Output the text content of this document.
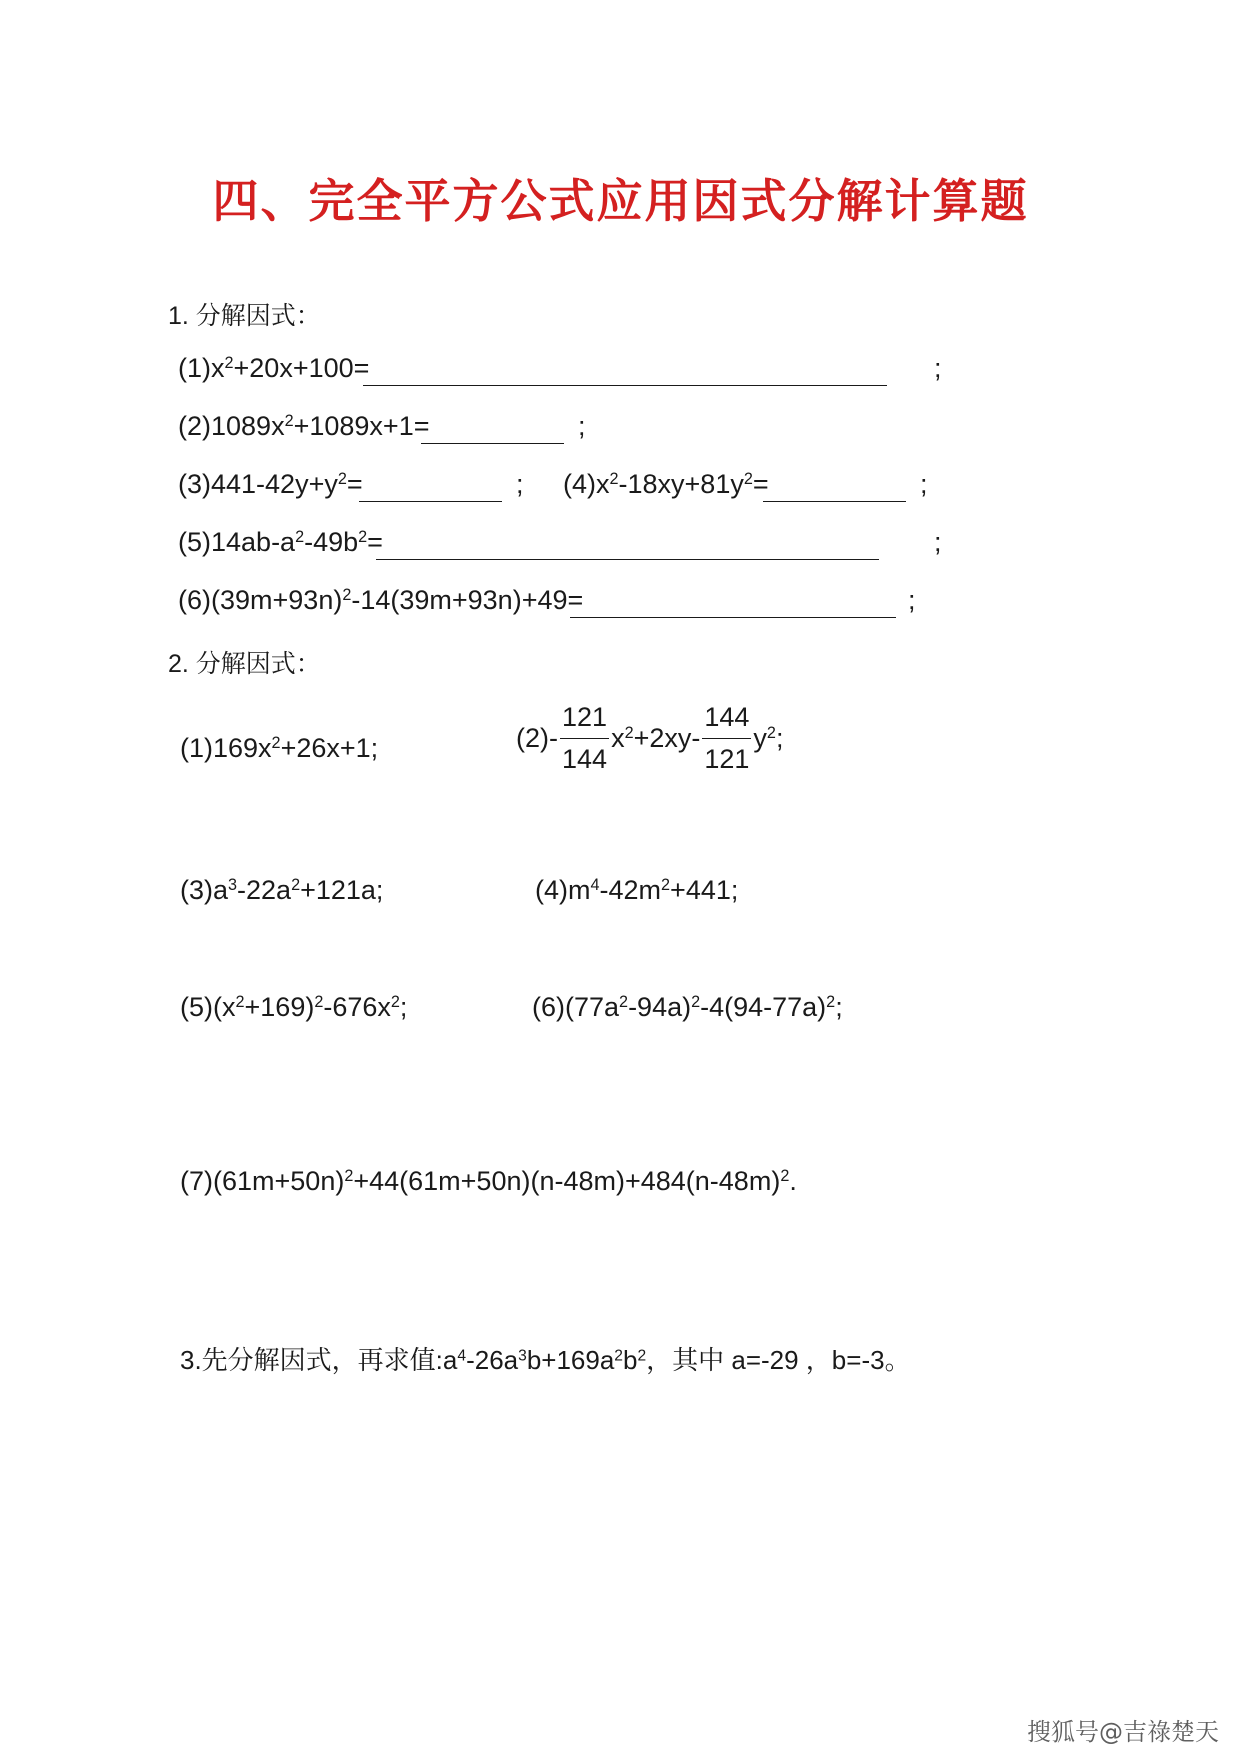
四、完全平方公式应用因式分解计算题
1. 分解因式：
$(1)x^2+20x+100=$	;
$(2)1089x^2+1089x+1=$	;
$(3)441-42y+y^2=$	; $(4)x^2-18xy+81y^2=$	;
$(5)14ab-a^2-49b^2=$	;
$(6)(39m+93n)^2-14(39m+93n)+49=$	;
2. 分解因式：
$(1)169x^2+26x+1$;	$(2)- \frac{121}{144} x^2+2xy- \frac{144}{121} y^2$;
$(3)a^3-22a^2+121a$;	$(4)m^4-42m^2+441$;
$(5)(x^2+169)^2-676x^2$;	$(6)(77a^2-94a)^2-4(94-77a)^2$;
$(7)(61m+50n)^2+44(61m+50n)(n-48m)+484(n-48m)^2$.
3.先分解因式，再求值$:a^4-26a^3b+169a^2b^2$，其中 a=-29 ，b=-3。
搜狐号@吉祿楚天
